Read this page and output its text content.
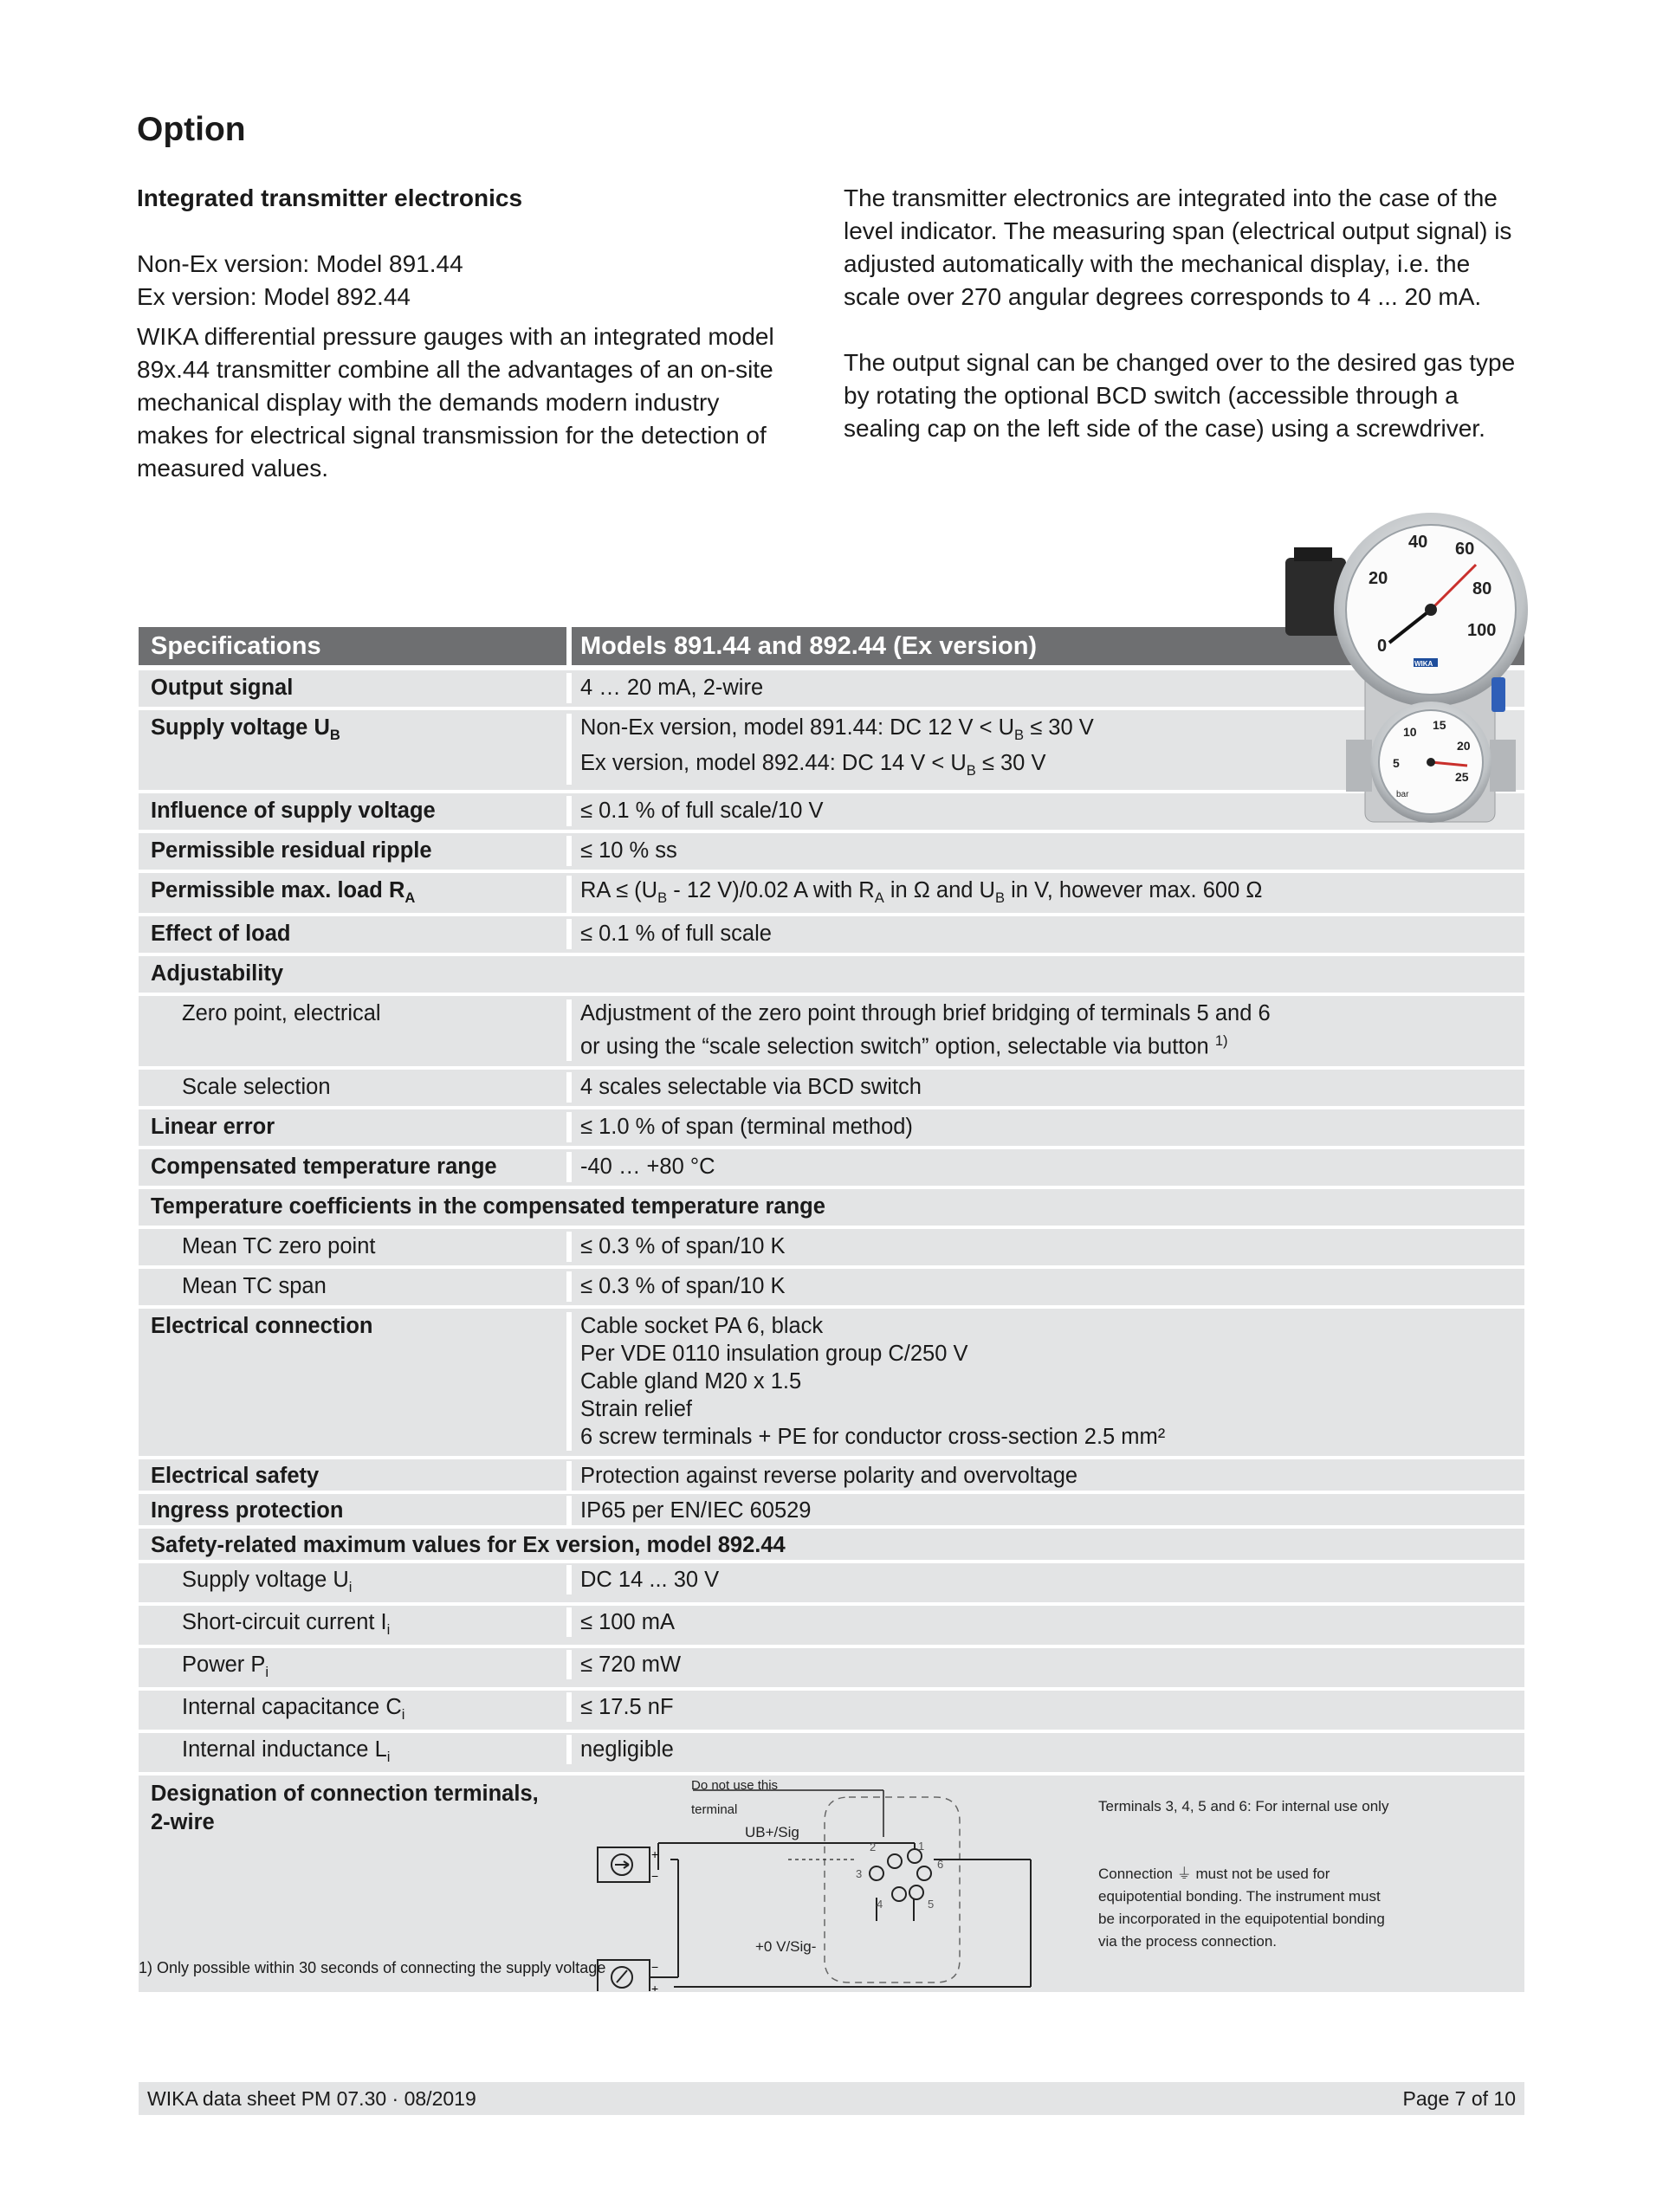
Option

Integrated transmitter electronics

Non-Ex version: Model 891.44

Ex version: Model 892.44

WIKA differential pressure gauges with an integrated model 89x.44 transmitter combine all the advantages of an on-site mechanical display with the demands modern industry makes for electrical signal transmission for the detection of measured values.

The transmitter electronics are integrated into the case of the level indicator. The measuring span (electrical output signal) is adjusted automatically with the mechanical display, i.e. the scale over 270 angular degrees corresponds to 4 ... 20 mA.

The output signal can be changed over to the desired gas type by rotating the optional BCD switch (accessible through a sealing cap on the left side of the case) using a screwdriver.

Specifications	Models 891.44 and 892.44 (Ex version)
Output signal	4 … 20 mA, 2-wire
Supply voltage $U_B$	Non-Ex version, model 891.44: DC 12 $V < U_B \le 30$ V
Ex version, model 892.44: DC 14 $V < U_B \le 30$ V
Influence of supply voltage	≤ 0.1 % of full scale/10 V
Permissible residual ripple	≤ 10 % ss
Permissible max. load $R_A$	RA ≤ ($U_B - 12$ V)/0.02 A with $R_A$ in Ω and $U_B$ in V, however max. 600 Ω
Effect of load	≤ 0.1 % of full scale
Adjustability
Zero point, electrical	Adjustment of the zero point through brief bridging of terminals 5 and 6
or using the “scale selection switch” option, selectable via button $^{1)}$
Scale selection	4 scales selectable via BCD switch
Linear error	≤ 1.0 % of span (terminal method)
Compensated temperature range	-40 … +80 °C
Temperature coefficients in the compensated temperature range
Mean TC zero point	≤ 0.3 % of span/10 K
Mean TC span	≤ 0.3 % of span/10 K
Electrical connection	Cable socket PA 6, black
Per VDE 0110 insulation group C/250 V
Cable gland M20 x 1.5
Strain relief
6 screw terminals + PE for conductor cross-section 2.5 mm²
Electrical safety	Protection against reverse polarity and overvoltage
Ingress protection	IP65 per EN/IEC 60529
Safety-related maximum values for Ex version, model 892.44
Supply voltage $U_i$	DC 14 ... 30 V
Short-circuit current $I_i$	≤ 100 mA
Power $P_i$	≤ 720 mW
Internal capacitance $C_i$	≤ 17.5 nF
Internal inductance $L_i$	negligible
Designation of connection terminals, 2-wire
1
2
3
4	5
6
+
−
−
+
Do not use this
terminal
UB+/Sig
+0 V/Sig-
Terminals 3, 4, 5 and 6: For internal use only
Connection ⏚ must not be used for
equipotential bonding. The instrument must
be incorporated in the equipotential bonding
via the process connection.
0
20
40 60
80
100
WIKA
5
10 15
20
25
bar
1) Only possible within 30 seconds of connecting the supply voltage
WIKA data sheet PM 07.30 · 08/2019	Page 7 of 10
